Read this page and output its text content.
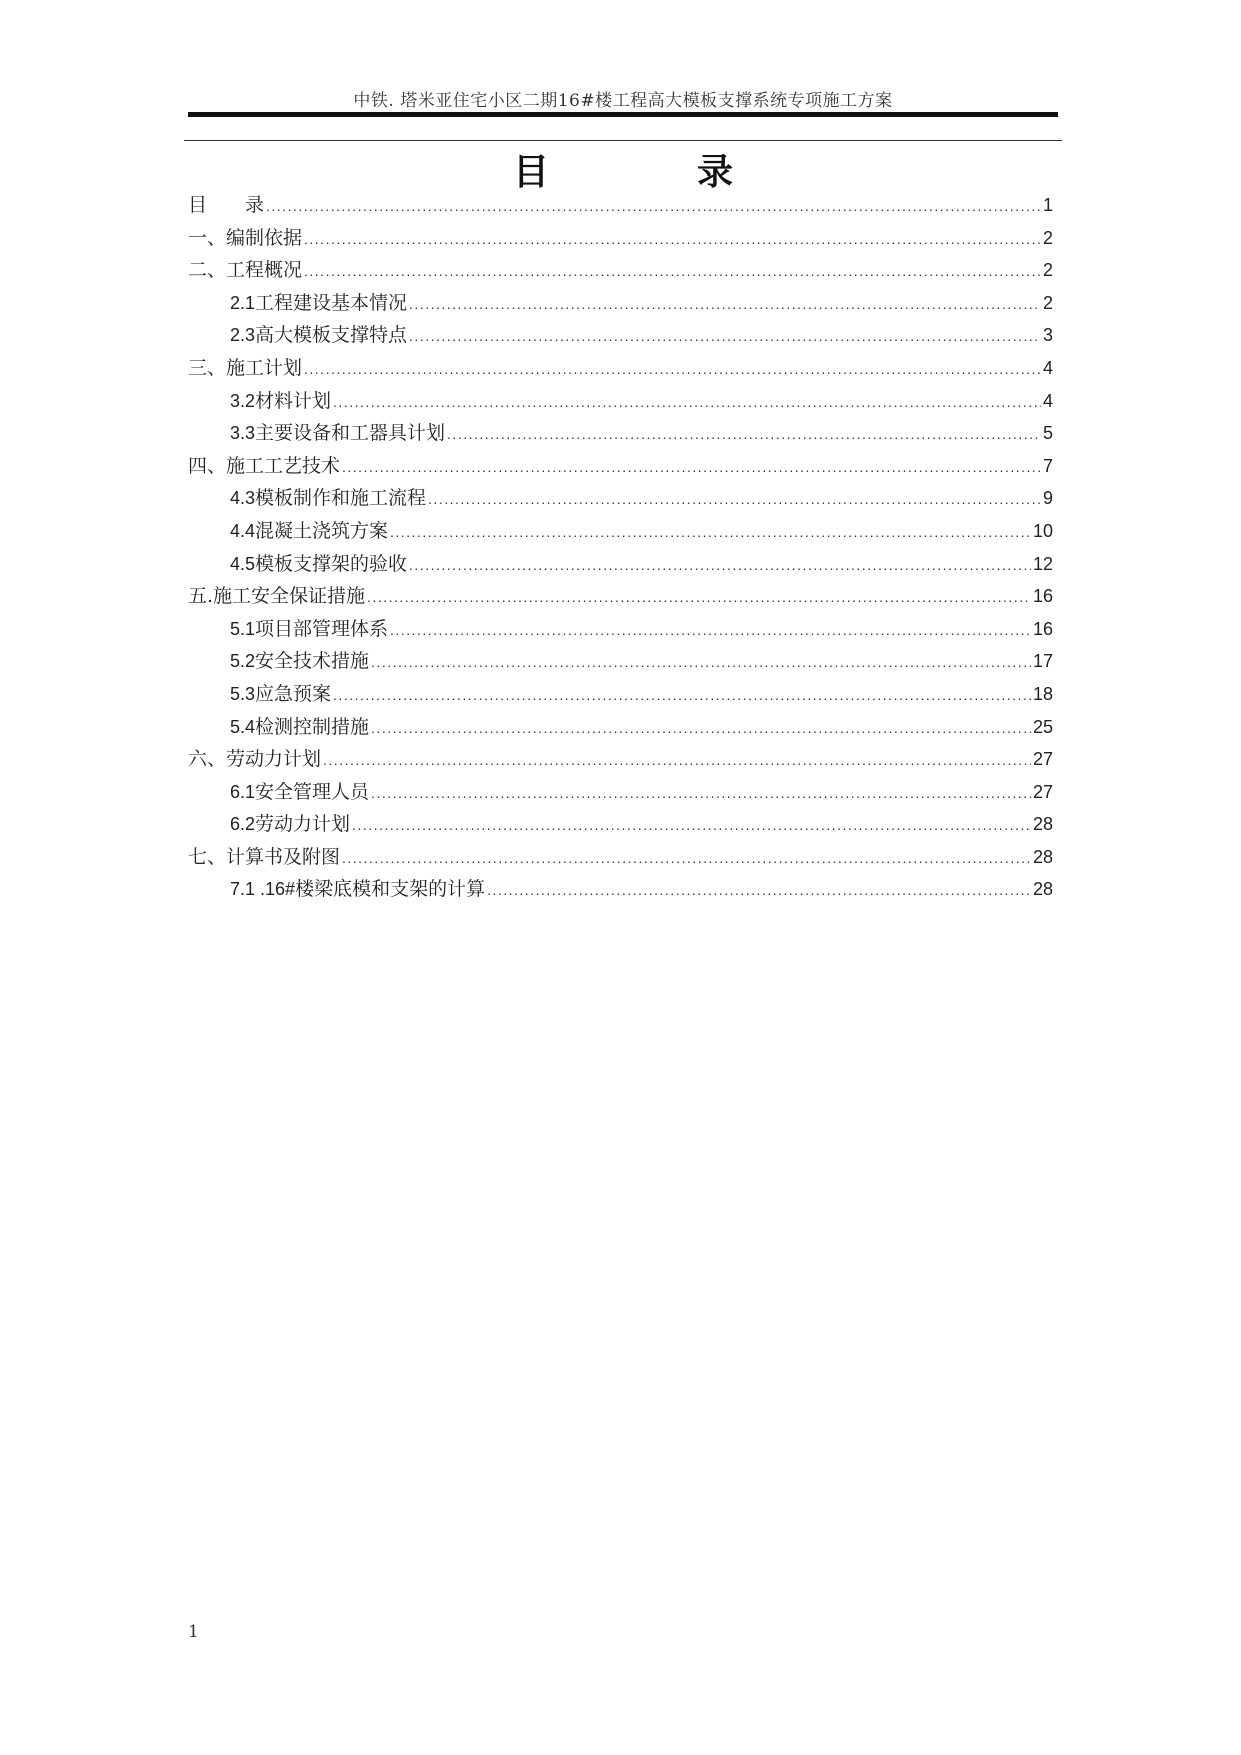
中铁. 塔米亚住宅小区二期16#楼工程高大模板支撑系统专项施工方案
目　录
目　　录 .....	1
一、编制依据 .....	2
二、工程概况 .....	2
2.1工程建设基本情况 .....	2
2.3高大模板支撑特点 .....	3
三、施工计划 .....	4
3.2材料计划 .....	4
3.3主要设备和工器具计划 .....	5
四、施工工艺技术 .....	7
4.3模板制作和施工流程 .....	9
4.4混凝土浇筑方案 .....	10
4.5模板支撑架的验收 .....	12
五.施工安全保证措施 .....	16
5.1项目部管理体系 .....	16
5.2安全技术措施 .....	17
5.3应急预案 .....	18
5.4检测控制措施 .....	25
六、劳动力计划 .....	27
6.1安全管理人员 .....	27
6.2劳动力计划 .....	28
七、计算书及附图 .....	28
7.1 .16#楼梁底模和支架的计算 .....	28
1
